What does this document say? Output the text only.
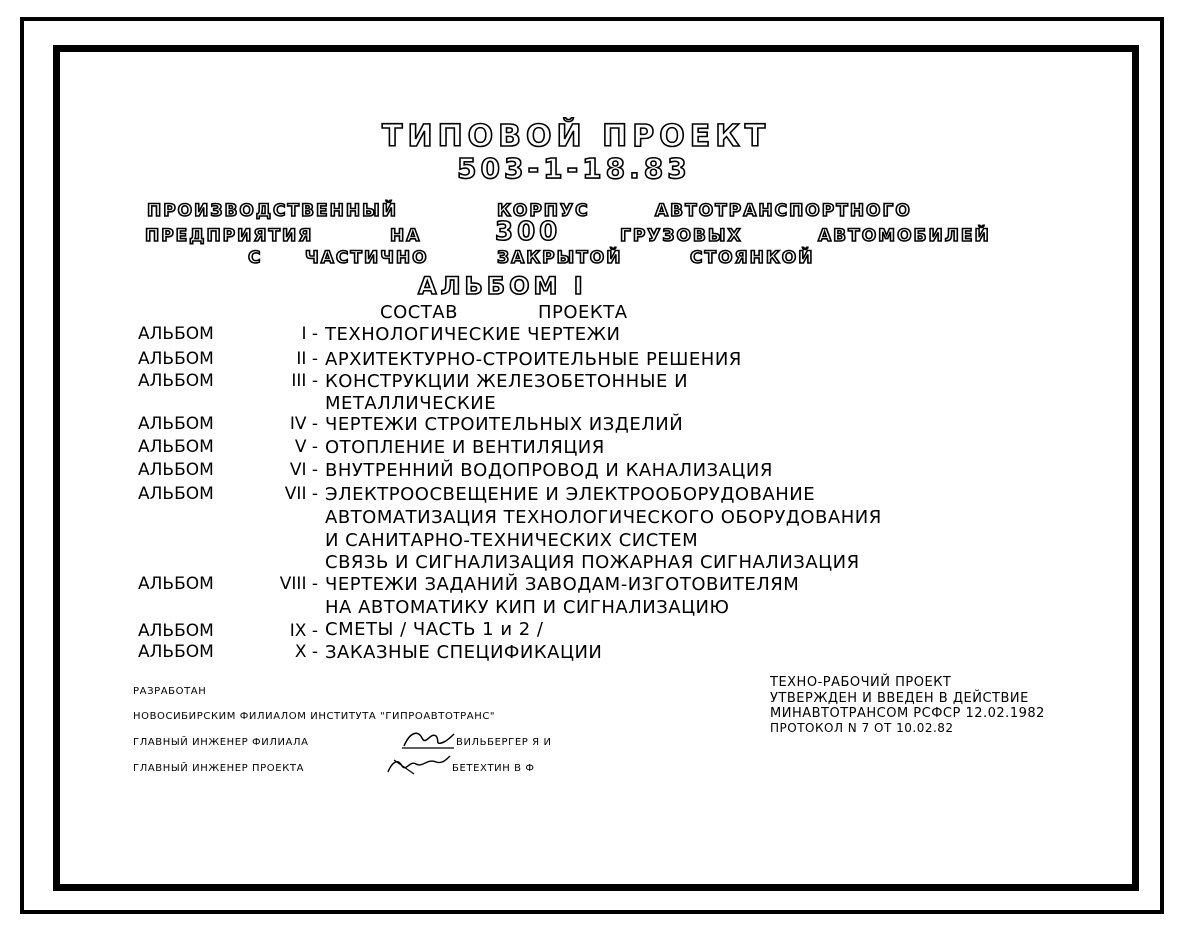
ТИПОВОЙ ПРОЕКТ
503-1-18.83
ПРОИЗВОДСТВЕННЫЙ	КОРПУС	АВТОТРАНСПОРТНОГО
ПРЕДПРИЯТИЯ	НА	300	ГРУЗОВЫХ	АВТОМОБИЛЕЙ
С	ЧАСТИЧНО	ЗАКРЫТОЙ	СТОЯНКОЙ
АЛЬБОМ I
СОСТАВ	ПРОЕКТА
АЛЬБОМ	I - ТЕХНОЛОГИЧЕСКИЕ ЧЕРТЕЖИ
АЛЬБОМ	II - АРХИТЕКТУРНО-СТРОИТЕЛЬНЫЕ РЕШЕНИЯ
АЛЬБОМ	III - КОНСТРУКЦИИ ЖЕЛЕЗОБЕТОННЫЕ И
МЕТАЛЛИЧЕСКИЕ
АЛЬБОМ	IV - ЧЕРТЕЖИ СТРОИТЕЛЬНЫХ ИЗДЕЛИЙ
АЛЬБОМ	V - ОТОПЛЕНИЕ И ВЕНТИЛЯЦИЯ
АЛЬБОМ	VI - ВНУТРЕННИЙ ВОДОПРОВОД И КАНАЛИЗАЦИЯ
АЛЬБОМ	VII - ЭЛЕКТРООСВЕЩЕНИЕ И ЭЛЕКТРООБОРУДОВАНИЕ
АВТОМАТИЗАЦИЯ ТЕХНОЛОГИЧЕСКОГО ОБОРУДОВАНИЯ
И САНИТАРНО-ТЕХНИЧЕСКИХ СИСТЕМ
СВЯЗЬ И СИГНАЛИЗАЦИЯ ПОЖАРНАЯ СИГНАЛИЗАЦИЯ
АЛЬБОМ	VIII - ЧЕРТЕЖИ ЗАДАНИЙ ЗАВОДАМ-ИЗГОТОВИТЕЛЯМ
НА АВТОМАТИКУ КИП И СИГНАЛИЗАЦИЮ
АЛЬБОМ	IX - СМЕТЫ / ЧАСТЬ 1 и 2 /
АЛЬБОМ	X - ЗАКАЗНЫЕ СПЕЦИФИКАЦИИ
РАЗРАБОТАН
НОВОСИБИРСКИМ ФИЛИАЛОМ ИНСТИТУТА "ГИПРОАВТОТРАНС"
ГЛАВНЫЙ ИНЖЕНЕР ФИЛИАЛА	ВИЛЬБЕРГЕР Я И
ГЛАВНЫЙ ИНЖЕНЕР ПРОЕКТА	БЕТЕХТИН В Ф
ТЕХНО-РАБОЧИЙ ПРОЕКТ
УТВЕРЖДЕН И ВВЕДЕН В ДЕЙСТВИЕ
МИНАВТОТРАНСОМ РСФСР 12.02.1982
ПРОТОКОЛ N 7 ОТ 10.02.82
